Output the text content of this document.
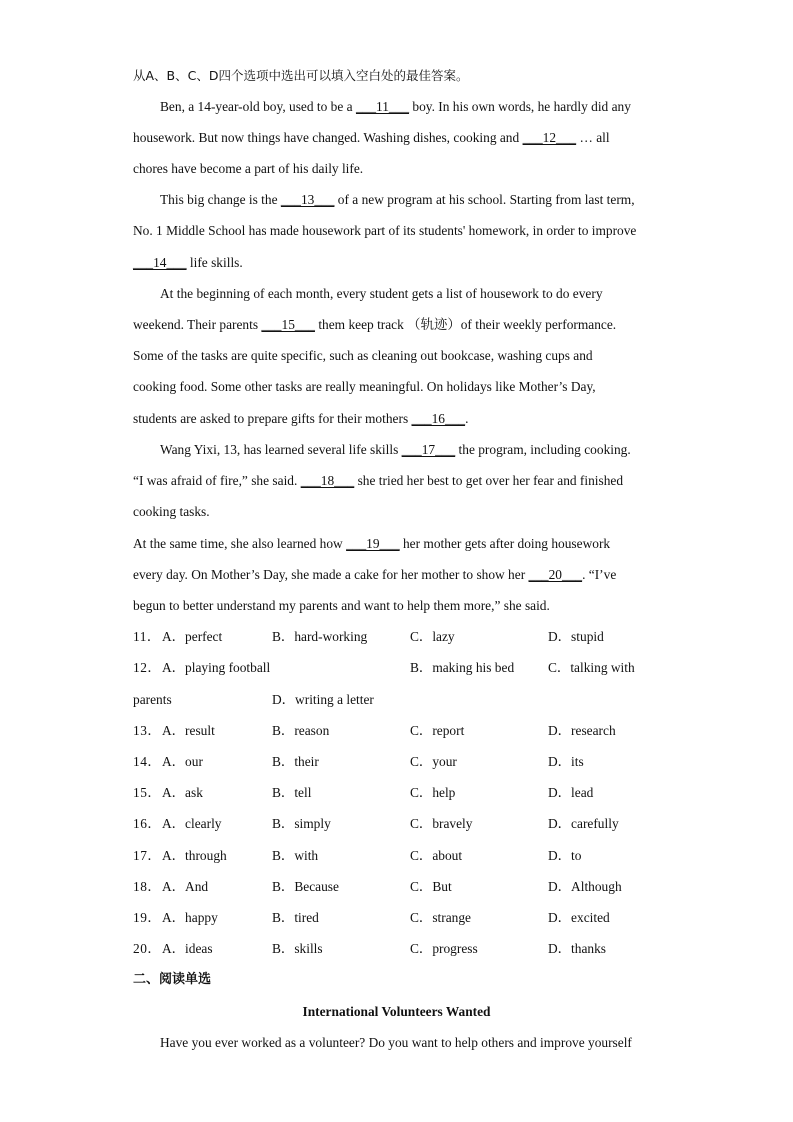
从A、B、C、D四个选项中选出可以填入空白处的最佳答案。
Ben, a 14-year-old boy, used to be a ___11___ boy. In his own words, he hardly did any
housework. But now things have changed. Washing dishes, cooking and ___12___ … all
chores have become a part of his daily life.
This big change is the ___13___ of a new program at his school. Starting from last term,
No. 1 Middle School has made housework part of its students' homework, in order to improve
___14___ life skills.
At the beginning of each month, every student gets a list of housework to do every
weekend. Their parents ___15___ them keep track （轨迹）of their weekly performance.
Some of the tasks are quite specific, such as cleaning out bookcase, washing cups and
cooking food. Some other tasks are really meaningful. On holidays like Mother’s Day,
students are asked to prepare gifts for their mothers ___16___.
Wang Yixi, 13, has learned several life skills ___17___ the program, including cooking.
“I was afraid of fire,” she said. ___18___ she tried her best to get over her fear and finished
cooking tasks.
At the same time, she also learned how ___19___ her mother gets after doing housework
every day. On Mother’s Day, she made a cake for her mother to show her ___20___. “I’ve
begun to better understand my parents and want to help them more,” she said.
11． A．perfect	B．hard-working	C．lazy	D．stupid
12． A．playing football	B．making his bed	C．talking with
parents	D．writing a letter
13． A．result	B．reason	C．report	D．research
14． A．our	B．their	C．your	D．its
15． A．ask	B．tell	C．help	D．lead
16． A．clearly	B．simply	C．bravely	D．carefully
17． A．through	B．with	C．about	D．to
18． A．And	B．Because	C．But	D．Although
19． A．happy	B．tired	C．strange	D．excited
20． A．ideas	B．skills	C．progress	D．thanks
二、阅读单选
International Volunteers Wanted
Have you ever worked as a volunteer? Do you want to help others and improve yourself
